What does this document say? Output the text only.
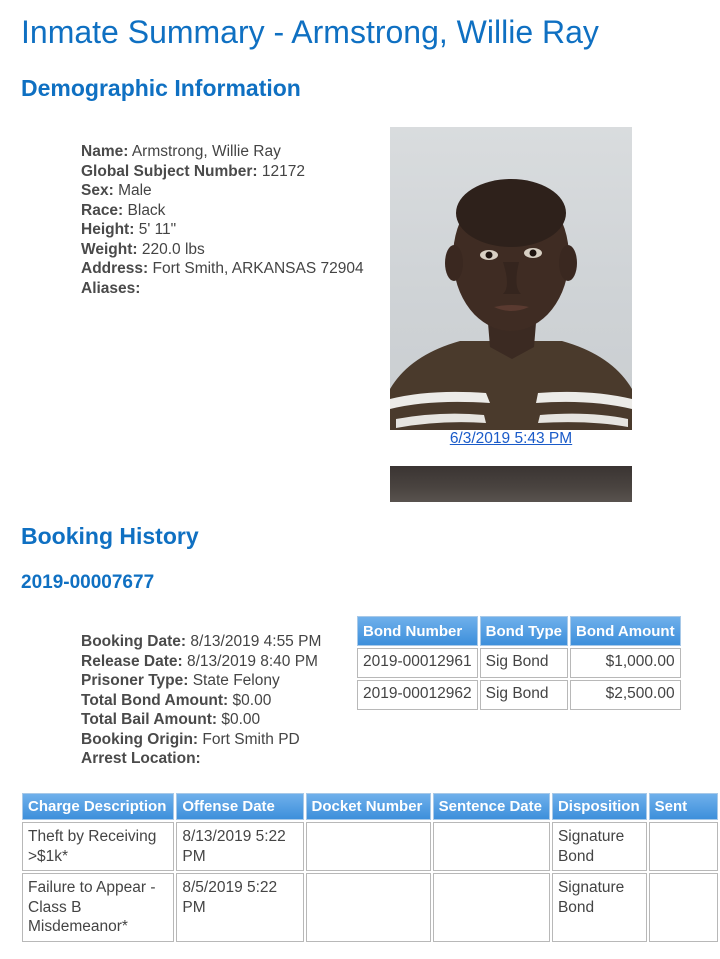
Inmate Summary - Armstrong, Willie Ray
Demographic Information
Name: Armstrong, Willie Ray
Global Subject Number: 12172
Sex: Male
Race: Black
Height: 5' 11"
Weight: 220.0 lbs
Address: Fort Smith, ARKANSAS 72904
Aliases:
6/3/2019 5:43 PM
Booking History
2019-00007677
Booking Date: 8/13/2019 4:55 PM
Release Date: 8/13/2019 8:40 PM
Prisoner Type: State Felony
Total Bond Amount: $0.00
Total Bail Amount: $0.00
Booking Origin: Fort Smith PD
Arrest Location:
Bond Number	Bond Type	Bond Amount
2019-00012961	Sig Bond	$1,000.00
2019-00012962	Sig Bond	$2,500.00
Charge Description	Offense Date	Docket Number	Sentence Date	Disposition	Sent
Theft by Receiving >$1k*	8/13/2019 5:22 PM			Signature Bond	
Failure to Appear - Class B Misdemeanor*	8/5/2019 5:22 PM			Signature Bond	
